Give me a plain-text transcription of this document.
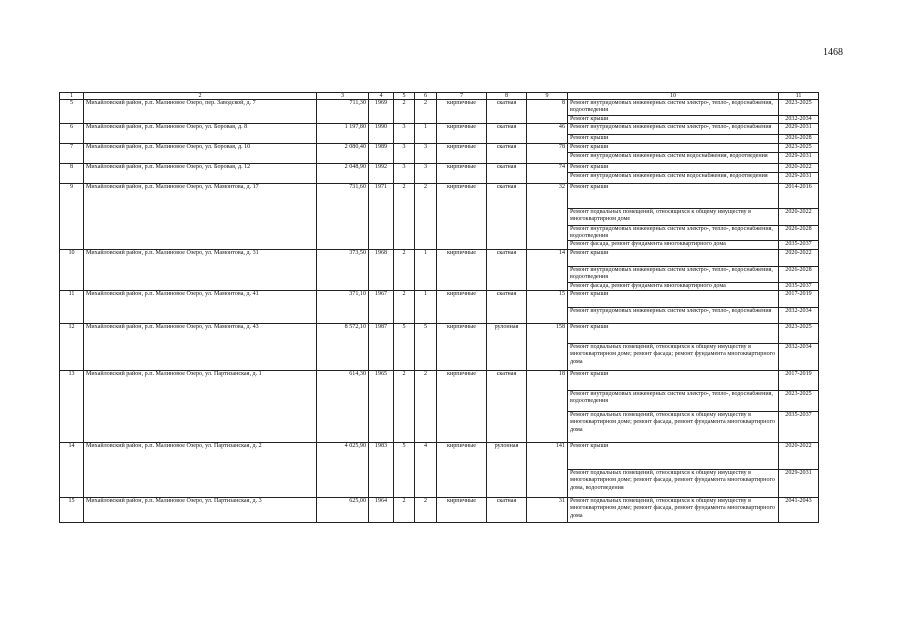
1468
1	2	3	4	5	6	7	8	9	10	11
5	Михайловский район, р.п. Малиновое Озеро, пер. Заводской, д. 7	711,30	1969	2	2	кирпичные	скатная	8	Ремонт внутридомовых инженерных систем электро-, тепло-, водоснабжения, водоотведения	2023-2025
									Ремонт крыши	2032-2034
6	Михайловский район, р.п. Малиновое Озеро, ул. Боровая, д. 8	1 197,80	1990	3	1	кирпичные	скатная	46	Ремонт внутридомовых инженерных систем электро-, тепло-, водоснабжения	2029-2031
									Ремонт крыши	2026-2028
7	Михайловский район, р.п. Малиновое Озеро, ул. Боровая, д. 10	2 080,40	1989	3	3	кирпичные	скатная	78	Ремонт крыши	2023-2025
									Ремонт внутридомовых инженерных систем водоснабжения, водоотведения	2029-2031
8	Михайловский район, р.п. Малиновое Озеро, ул. Боровая, д. 12	2 048,90	1992	3	3	кирпичные	скатная	74	Ремонт крыши	2020-2022
									Ремонт внутридомовых инженерных систем водоснабжения, водоотведения	2029-2031
9	Михайловский район, р.п. Малиновое Озеро, ул. Мамонтова, д. 17	731,60	1971	2	2	кирпичные	скатная	32	Ремонт крыши	2014-2016
									Ремонт подвальных помещений, относящихся к общему имуществу в многоквартирном доме	2020-2022
									Ремонт внутридомовых инженерных систем электро-, тепло-, водоснабжения, водоотведения	2026-2028
									Ремонт фасада, ремонт фундамента многоквартирного дома	2035-2037
10	Михайловский район, р.п. Малиновое Озеро, ул. Мамонтова, д. 31	373,50	1968	2	1	кирпичные	скатная	14	Ремонт крыши	2020-2022
									Ремонт внутридомовых инженерных систем электро-, тепло-, водоснабжения, водоотведения	2026-2028
									Ремонт фасада, ремонт фундамента многоквартирного дома	2035-2037
11	Михайловский район, р.п. Малиновое Озеро, ул. Мамонтова, д. 41	371,10	1967	2	1	кирпичные	скатная	15	Ремонт крыши	2017-2019
									Ремонт внутридомовых инженерных систем электро-, тепло-, водоснабжения	2032-2034
12	Михайловский район, р.п. Малиновое Озеро, ул. Мамонтова, д. 43	8 572,10	1987	5	5	кирпичные	рулонная	158	Ремонт крыши	2023-2025
									Ремонт подвальных помещений, относящихся к общему имуществу в многоквартирном доме; ремонт фасада; ремонт фундамента многоквартирного дома	2032-2034
13	Михайловский район, р.п. Малиновое Озеро, ул. Партизанская, д. 1	614,30	1965	2	2	кирпичные	скатная	18	Ремонт крыши	2017-2019
									Ремонт внутридомовых инженерных систем электро-, тепло-, водоснабжения, водоотведения	2023-2025
									Ремонт подвальных помещений, относящихся к общему имуществу в многоквартирном доме; ремонт фасада, ремонт фундамента многоквартирного дома	2035-2037
14	Михайловский район, р.п. Малиновое Озеро, ул. Партизанская, д. 2	4 025,90	1983	5	4	кирпичные	рулонная	141	Ремонт крыши	2020-2022
									Ремонт подвальных помещений, относящихся к общему имуществу в многоквартирном доме; ремонт фасада, ремонт фундамента многоквартирного дома, водоотведения	2029-2031
15	Михайловский район, р.п. Малиновое Озеро, ул. Партизанская, д. 3	625,00	1964	2	2	кирпичные	скатная	31	Ремонт подвальных помещений, относящихся к общему имуществу в многоквартирном доме; ремонт фасада, ремонт фундамента многоквартирного дома	2041-2043
